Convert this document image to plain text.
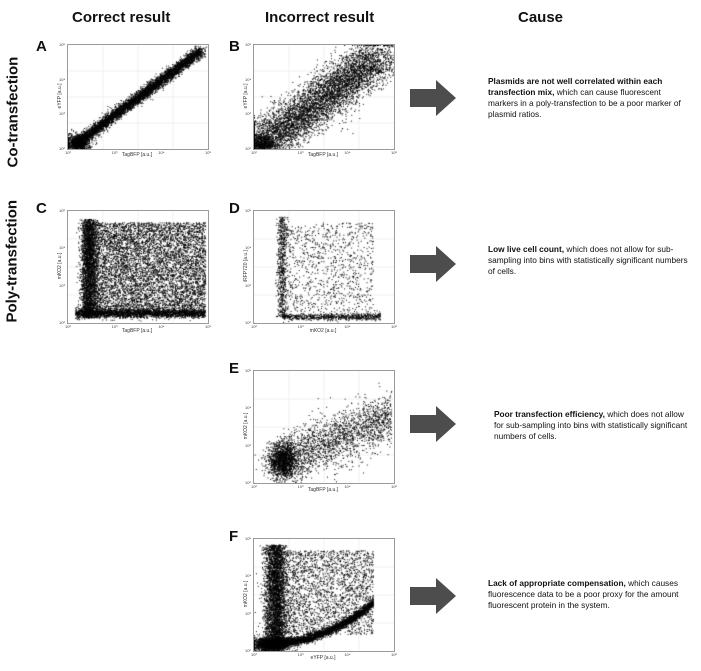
Correct result	Incorrect result	Cause
Co-transfection
Poly-transfection
A	B
C	D
E
F
10²	10³	10⁴	10⁵
10⁵
10⁴
10³
10²
10²	10³	10⁴	10⁵
10⁵
10⁴
10³
10²
10²	10³	10⁴	10⁵
10⁵
10⁴
10³
10²
10²	10³	10⁴	10⁵
10⁵
10⁴
10³
10²
10²	10³	10⁴	10⁵
10⁵
10⁴
10³
10²
10²	10³	10⁴	10⁵
10⁵
10⁴
10³
10²
TagBFP [a.u.]
eYFP [a.u.]
TagBFP [a.u.]
eYFP [a.u.]
TagBFP [a.u.]
mKO2 [a.u.]
mKO2 [a.u.]
iRFP720 [a.u.]
TagBFP [a.u.]
mKO2 [a.u.]
eYFP [a.u.]
mKO2 [a.u.]
Plasmids are not well correlated within each transfection mix, which can cause fluorescent markers in a poly-transfection to be a poor marker of plasmid ratios.
Low live cell count, which does not allow for sub-sampling into bins with statistically significant numbers of cells.
Poor transfection efficiency, which does not allow for sub-sampling into bins with statistically significant numbers of cells.
Lack of appropriate compensation, which causes fluorescence data to be a poor proxy for the amount fluorescent protein in the system.
